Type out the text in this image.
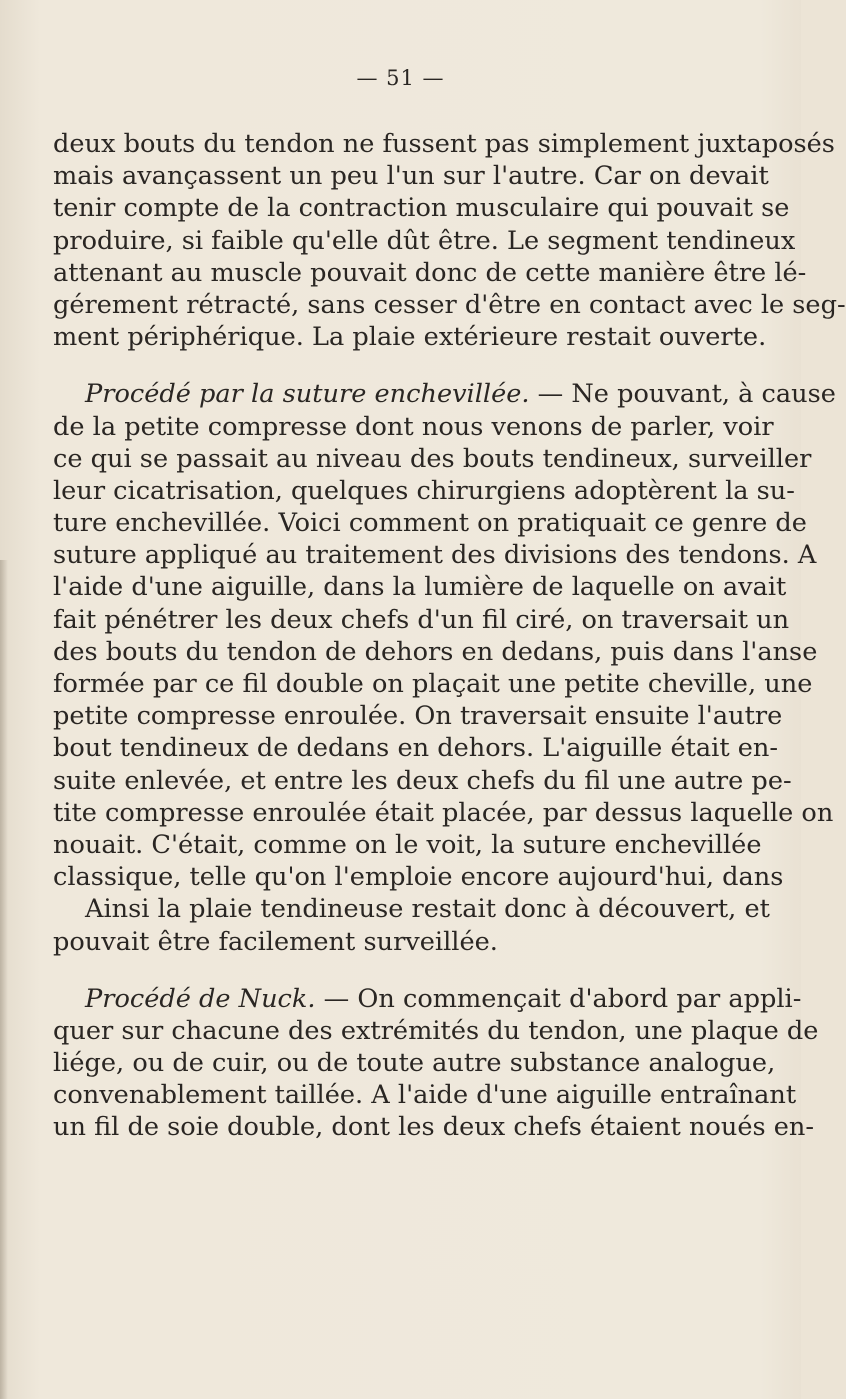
— 51 —
deux bouts du tendon ne fussent pas simplement juxtaposés
mais avançassent un peu l'un sur l'autre. Car on devait
tenir compte de la contraction musculaire qui pouvait se
produire, si faible qu'elle dût être. Le segment tendineux
attenant au muscle pouvait donc de cette manière être lé-
gérement rétracté, sans cesser d'être en contact avec le seg-
ment périphérique. La plaie extérieure restait ouverte.
Procédé par la suture enchevillée. — Ne pouvant, à cause
de la petite compresse dont nous venons de parler, voir
ce qui se passait au niveau des bouts tendineux, surveiller
leur cicatrisation, quelques chirurgiens adoptèrent la su-
ture enchevillée. Voici comment on pratiquait ce genre de
suture appliqué au traitement des divisions des tendons. A
l'aide d'une aiguille, dans la lumière de laquelle on avait
fait pénétrer les deux chefs d'un fil ciré, on traversait un
des bouts du tendon de dehors en dedans, puis dans l'anse
formée par ce fil double on plaçait une petite cheville, une
petite compresse enroulée. On traversait ensuite l'autre
bout tendineux de dedans en dehors. L'aiguille était en-
suite enlevée, et entre les deux chefs du fil une autre pe-
tite compresse enroulée était placée, par dessus laquelle on
nouait. C'était, comme on le voit, la suture enchevillée
classique, telle qu'on l'emploie encore aujourd'hui, dans
Ainsi la plaie tendineuse restait donc à découvert, et
pouvait être facilement surveillée.
Procédé de Nuck. — On commençait d'abord par appli-
quer sur chacune des extrémités du tendon, une plaque de
liége, ou de cuir, ou de toute autre substance analogue,
convenablement taillée. A l'aide d'une aiguille entraînant
un fil de soie double, dont les deux chefs étaient noués en-
